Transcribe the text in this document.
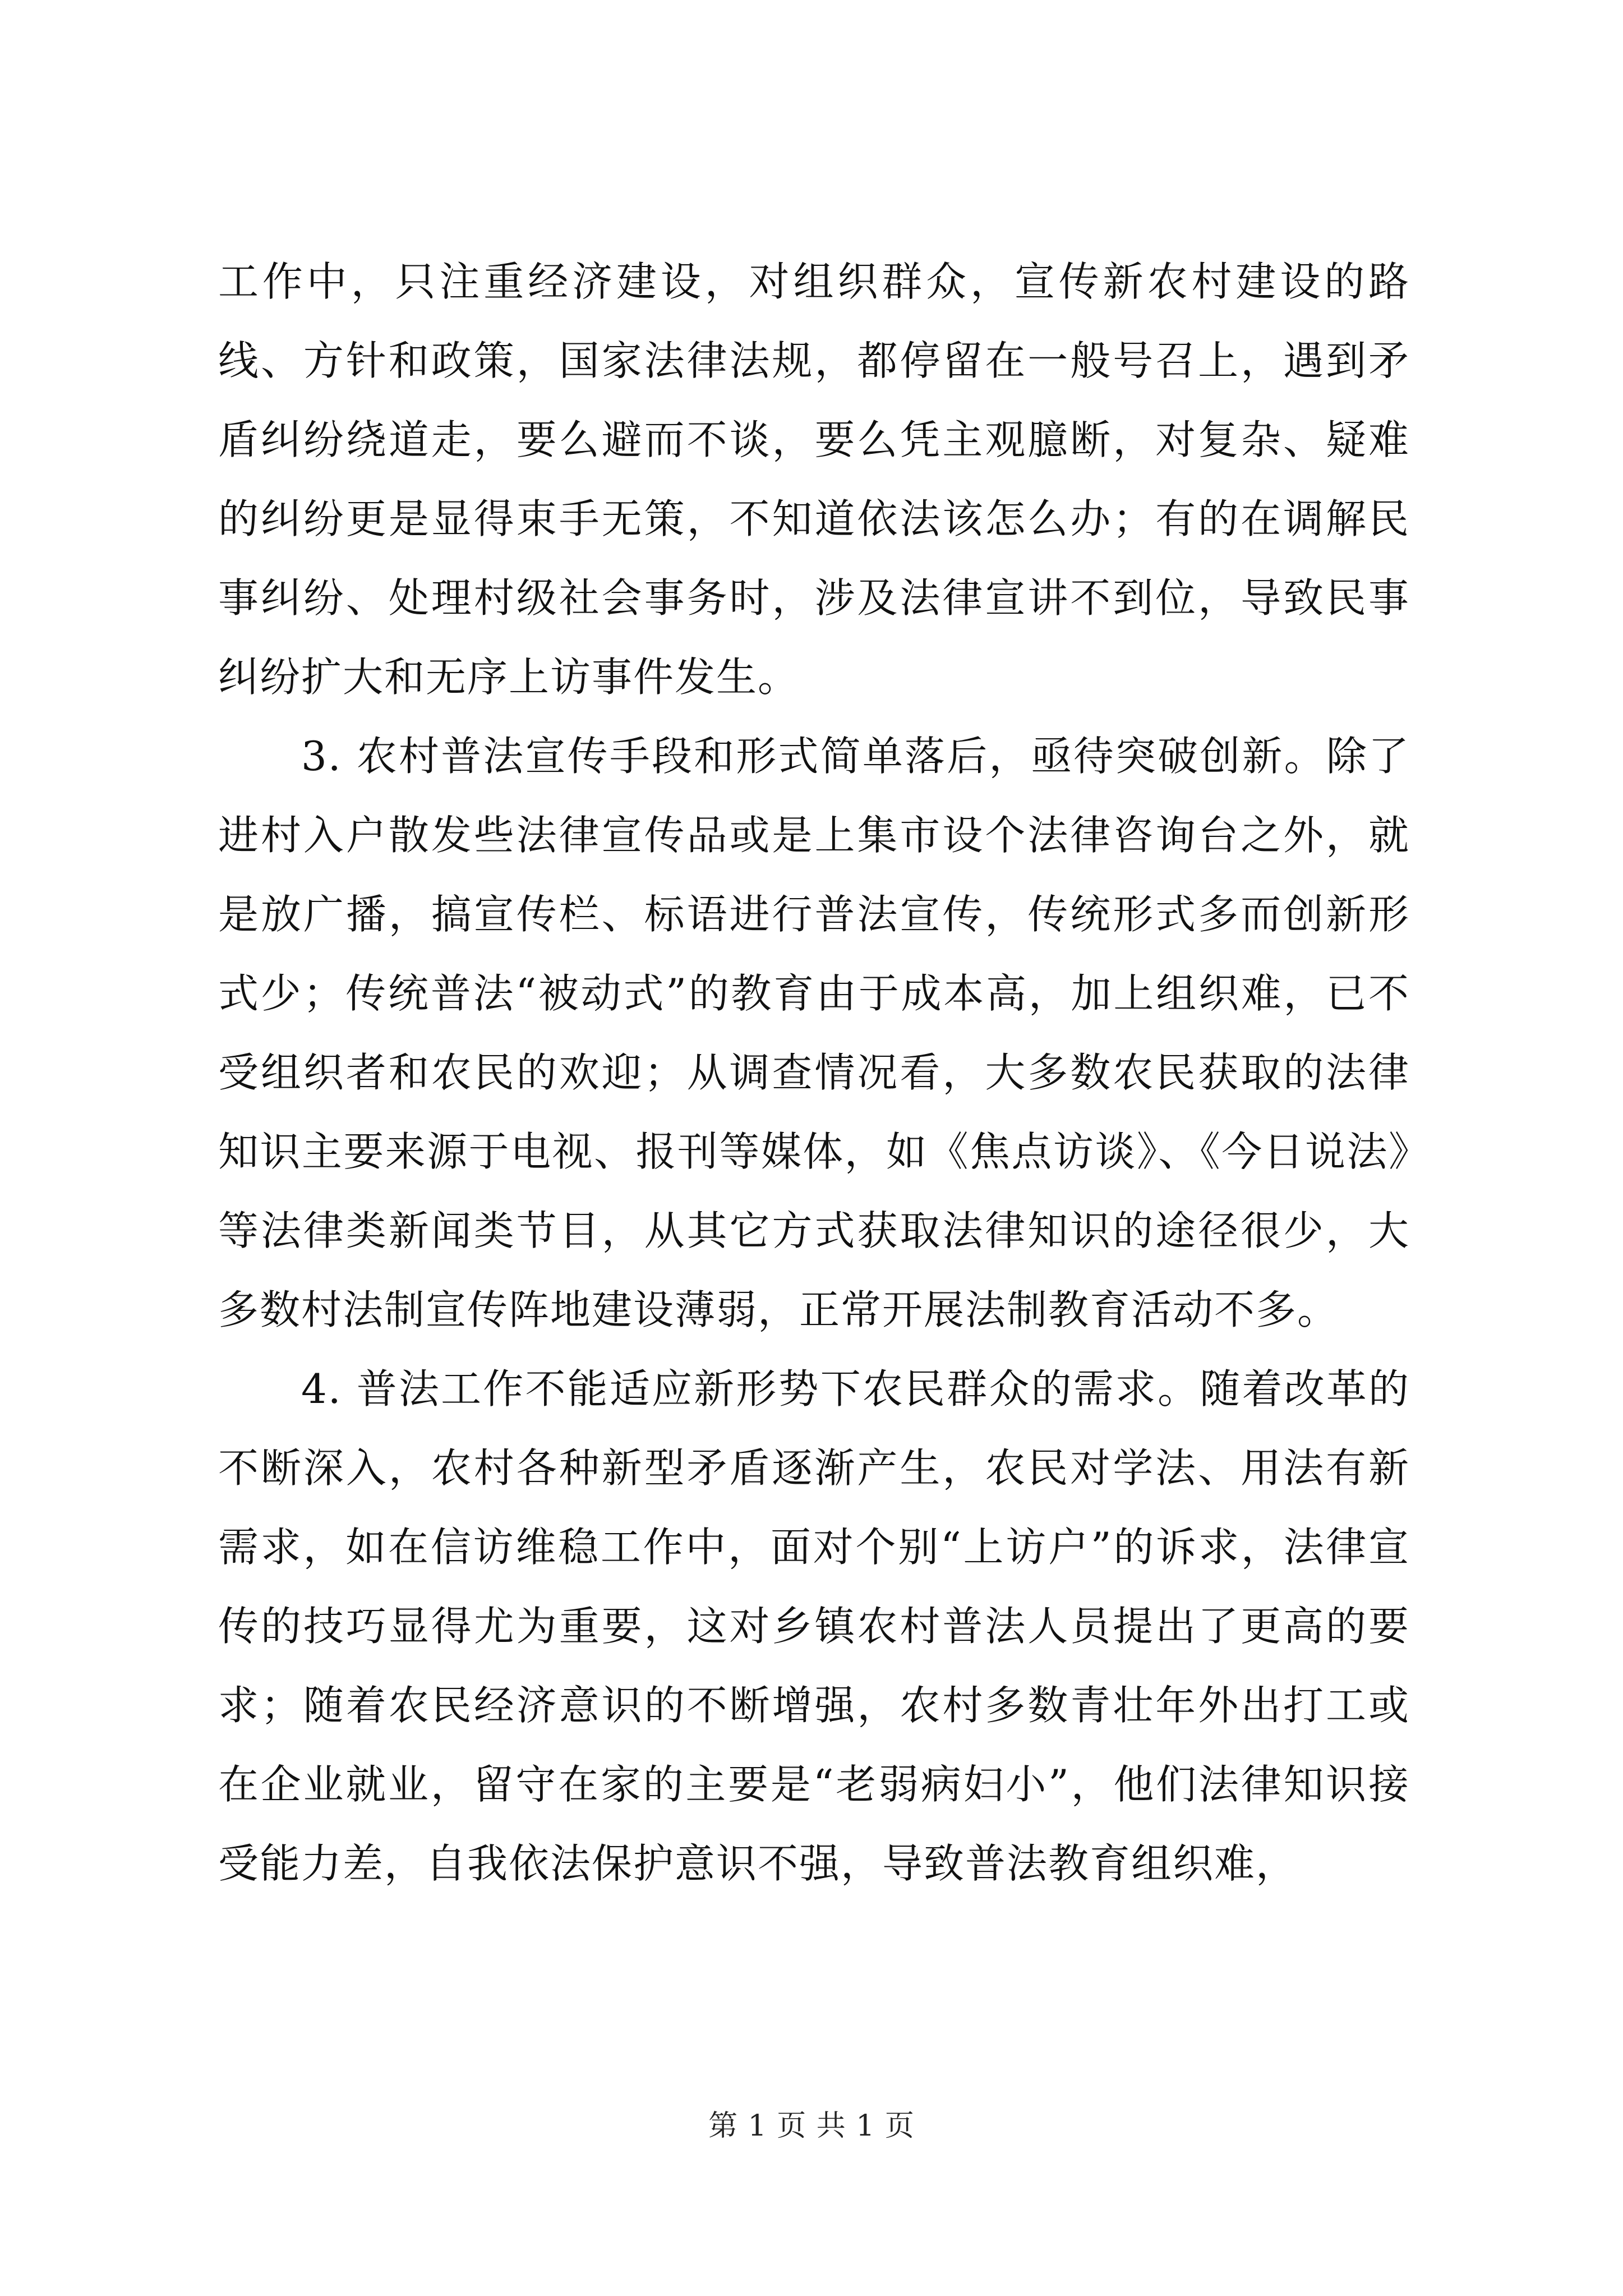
工作中，只注重经济建设，对组织群众，宣传新农村建设的路线、方针和政策，国家法律法规，都停留在一般号召上，遇到矛盾纠纷绕道走，要么避而不谈，要么凭主观臆断，对复杂、疑难的纠纷更是显得束手无策，不知道依法该怎么办；有的在调解民事纠纷、处理村级社会事务时，涉及法律宣讲不到位，导致民事纠纷扩大和无序上访事件发生。

3. 农村普法宣传手段和形式简单落后，亟待突破创新。除了进村入户散发些法律宣传品或是上集市设个法律咨询台之外，就是放广播，搞宣传栏、标语进行普法宣传，传统形式多而创新形式少；传统普法“被动式”的教育由于成本高，加上组织难，已不受组织者和农民的欢迎；从调查情况看，大多数农民获取的法律知识主要来源于电视、报刊等媒体，如《焦点访谈》、《今日说法》等法律类新闻类节目，从其它方式获取法律知识的途径很少，大多数村法制宣传阵地建设薄弱，正常开展法制教育活动不多。

4. 普法工作不能适应新形势下农民群众的需求。随着改革的不断深入，农村各种新型矛盾逐渐产生，农民对学法、用法有新需求，如在信访维稳工作中，面对个别“上访户”的诉求，法律宣传的技巧显得尤为重要，这对乡镇农村普法人员提出了更高的要求；随着农民经济意识的不断增强，农村多数青壮年外出打工或在企业就业，留守在家的主要是“老弱病妇小”，他们法律知识接受能力差，自我依法保护意识不强，导致普法教育组织难，

第 1 页 共 1 页
